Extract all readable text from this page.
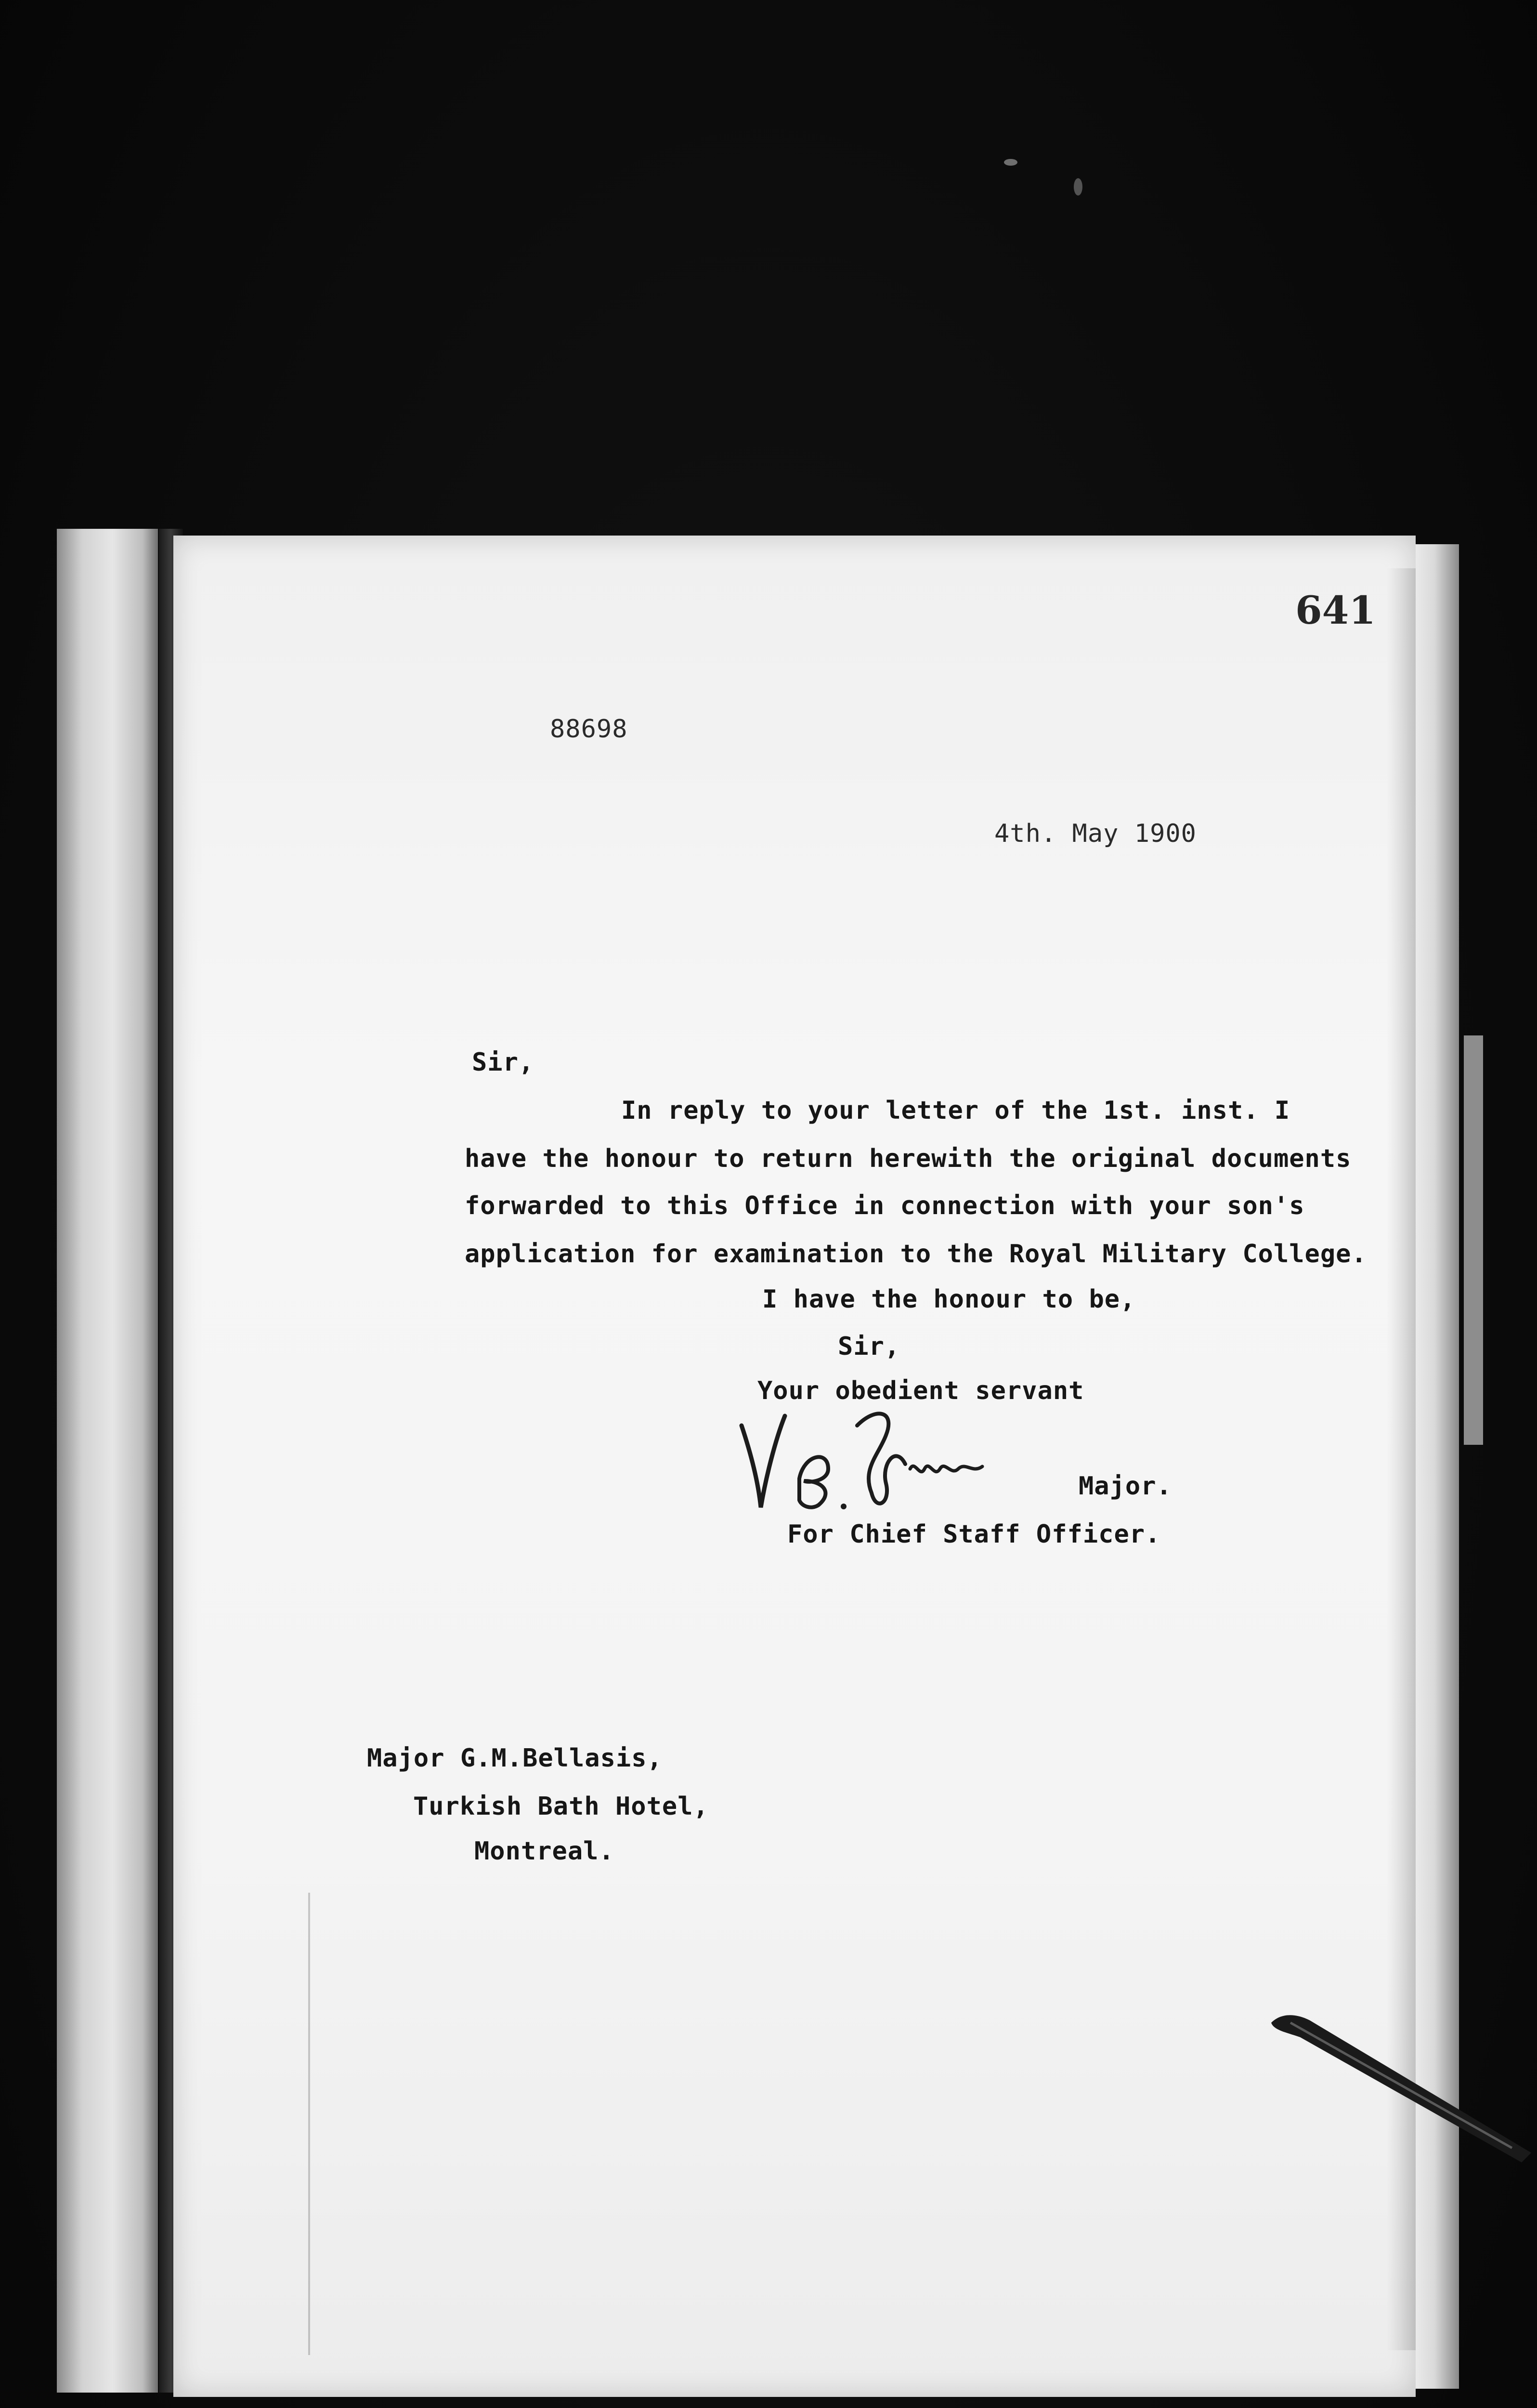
641
88698
4th. May 1900
Sir,
In reply to your letter of the 1st. inst. I
have the honour to return herewith the original documents
forwarded to this Office in connection with your son's
application for examination to the Royal Military College.
I have the honour to be,
Sir,
Your obedient servant
Major.
For Chief Staff Officer.
Major G.M.Bellasis,
Turkish Bath Hotel,
Montreal.
